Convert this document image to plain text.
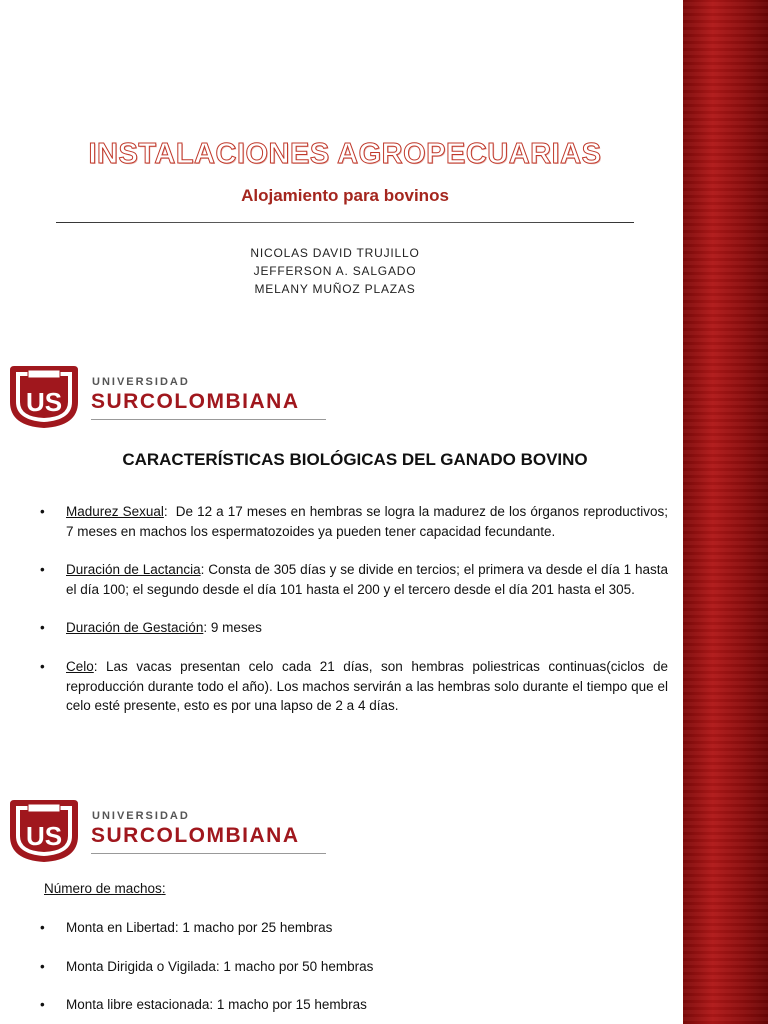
INSTALACIONES AGROPECUARIAS
Alojamiento para bovinos
NICOLAS DAVID TRUJILLO
JEFFERSON A. SALGADO
MELANY MUÑOZ PLAZAS
US
UNIVERSIDAD
SURCOLOMBIANA
CARACTERÍSTICAS BIOLÓGICAS DEL GANADO BOVINO
• Madurez Sexual:  De 12 a 17 meses en hembras se logra la madurez de los órganos reproductivos; 7 meses en machos los espermatozoides ya pueden tener capacidad fecundante.
• Duración de Lactancia: Consta de 305 días y se divide en tercios; el primera va desde el día 1 hasta el día 100; el segundo desde el día 101 hasta el 200 y el tercero desde el día 201 hasta el 305.
• Duración de Gestación: 9 meses
• Celo: Las vacas presentan celo cada 21 días, son hembras poliestricas continuas(ciclos de reproducción durante todo el año). Los machos servirán a las hembras solo durante el tiempo que el celo esté presente, esto es por una lapso de 2 a 4 días.
US
UNIVERSIDAD
SURCOLOMBIANA
Número de machos:
• Monta en Libertad: 1 macho por 25 hembras
• Monta Dirigida o Vigilada: 1 macho por 50 hembras
• Monta libre estacionada: 1 macho por 15 hembras
